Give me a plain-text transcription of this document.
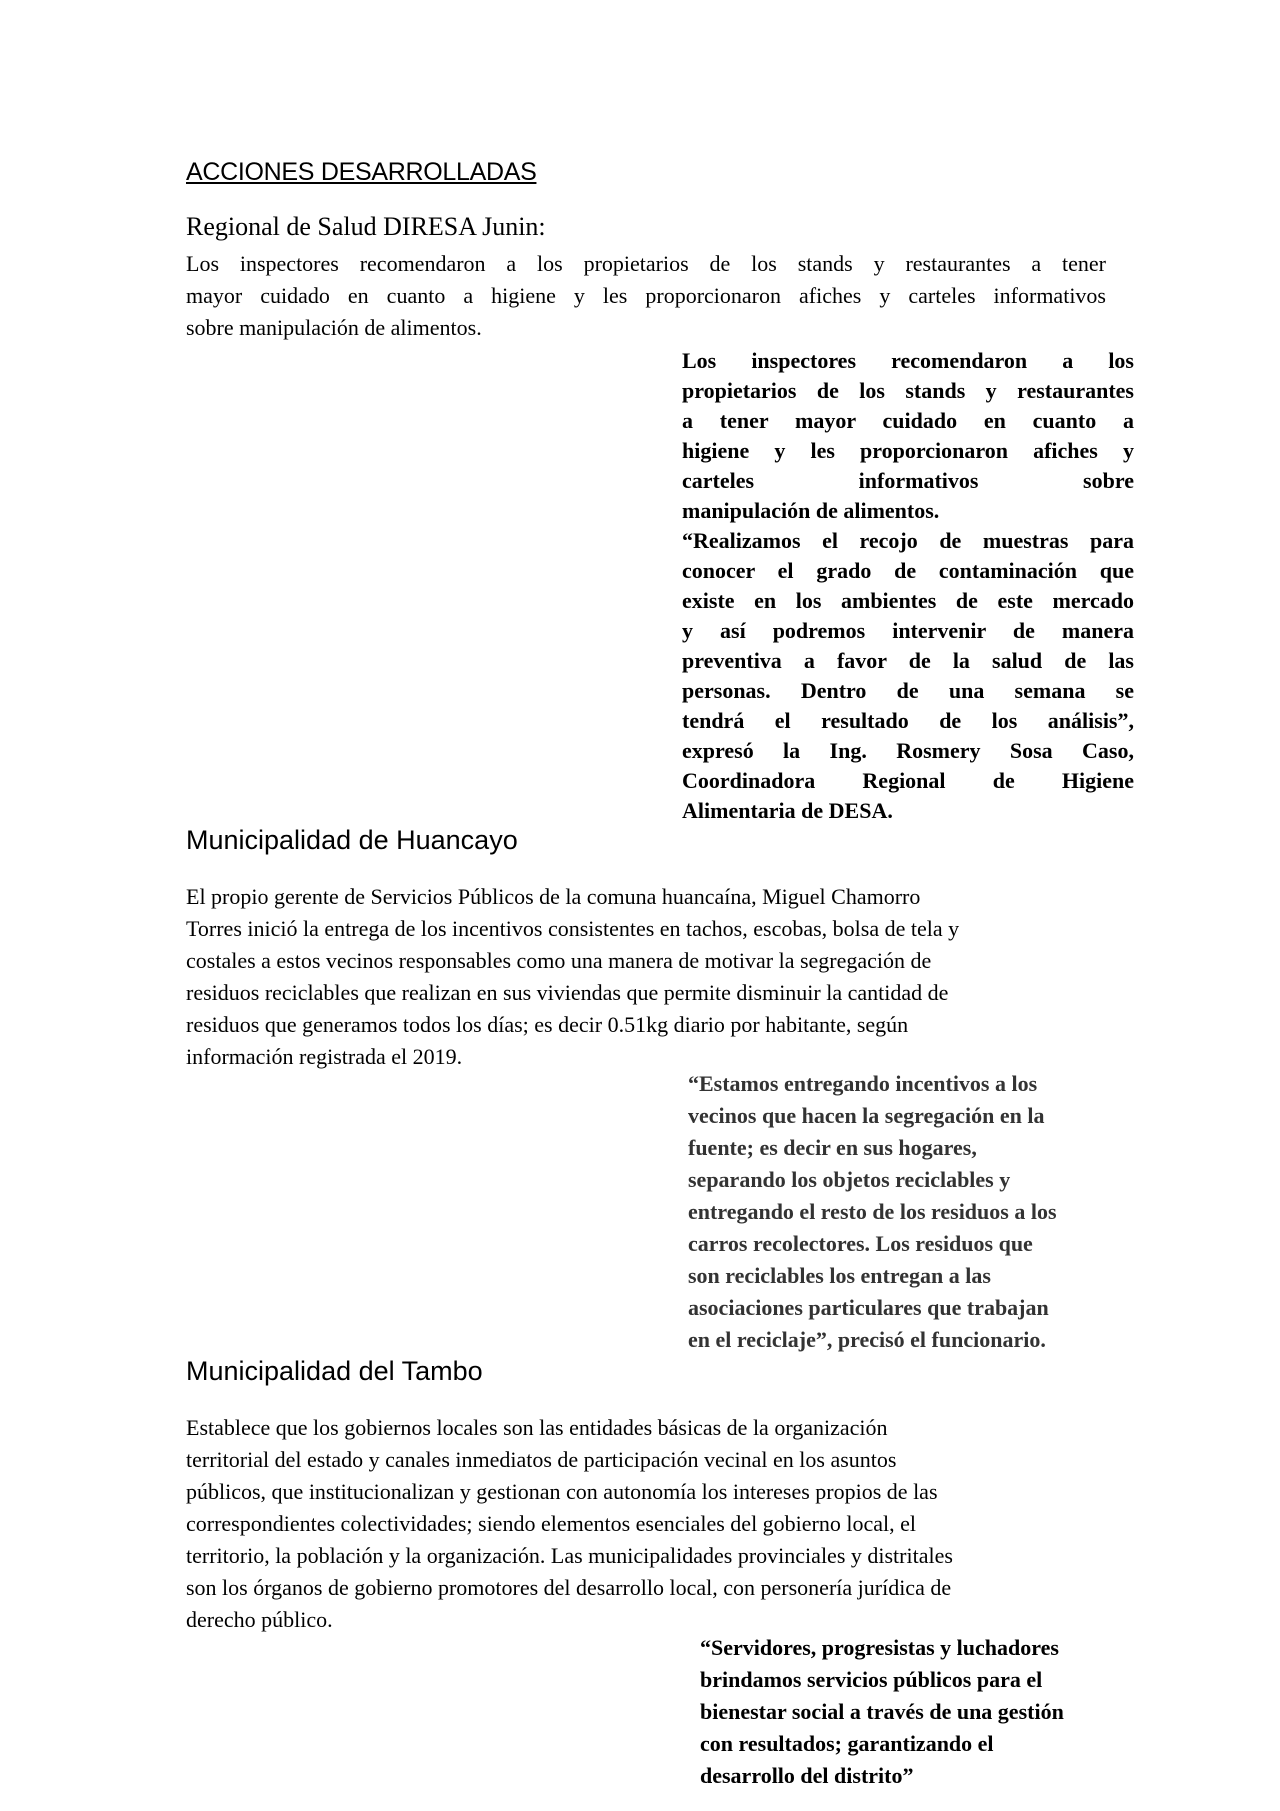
ACCIONES DESARROLLADAS
Regional de Salud DIRESA Junin:
Los inspectores recomendaron a los propietarios de los stands y restaurantes a tener
mayor cuidado en cuanto a higiene y les proporcionaron afiches y carteles informativos
sobre manipulación de alimentos.
Los inspectores recomendaron a los
propietarios de los stands y restaurantes
a tener mayor cuidado en cuanto a
higiene y les proporcionaron afiches y
carteles informativos sobre
manipulación de alimentos.
“Realizamos el recojo de muestras para
conocer el grado de contaminación que
existe en los ambientes de este mercado
y así podremos intervenir de manera
preventiva a favor de la salud de las
personas. Dentro de una semana se
tendrá el resultado de los análisis”,
expresó la Ing. Rosmery Sosa Caso,
Coordinadora Regional de Higiene
Alimentaria de DESA.
Municipalidad de Huancayo
El propio gerente de Servicios Públicos de la comuna huancaína, Miguel Chamorro
Torres inició la entrega de los incentivos consistentes en tachos, escobas, bolsa de tela y
costales a estos vecinos responsables como una manera de motivar la segregación de
residuos reciclables que realizan en sus viviendas que permite disminuir la cantidad de
residuos que generamos todos los días; es decir 0.51kg diario por habitante, según
información registrada el 2019.
“Estamos entregando incentivos a los
vecinos que hacen la segregación en la
fuente; es decir en sus hogares,
separando los objetos reciclables y
entregando el resto de los residuos a los
carros recolectores. Los residuos que
son reciclables los entregan a las
asociaciones particulares que trabajan
en el reciclaje”, precisó el funcionario.
Municipalidad del Tambo
Establece que los gobiernos locales son las entidades básicas de la organización
territorial del estado y canales inmediatos de participación vecinal en los asuntos
públicos, que institucionalizan y gestionan con autonomía los intereses propios de las
correspondientes colectividades; siendo elementos esenciales del gobierno local, el
territorio, la población y la organización. Las municipalidades provinciales y distritales
son los órganos de gobierno promotores del desarrollo local, con personería jurídica de
derecho público.
“Servidores, progresistas y luchadores
brindamos servicios públicos para el
bienestar social a través de una gestión
con resultados; garantizando el
desarrollo del distrito”
